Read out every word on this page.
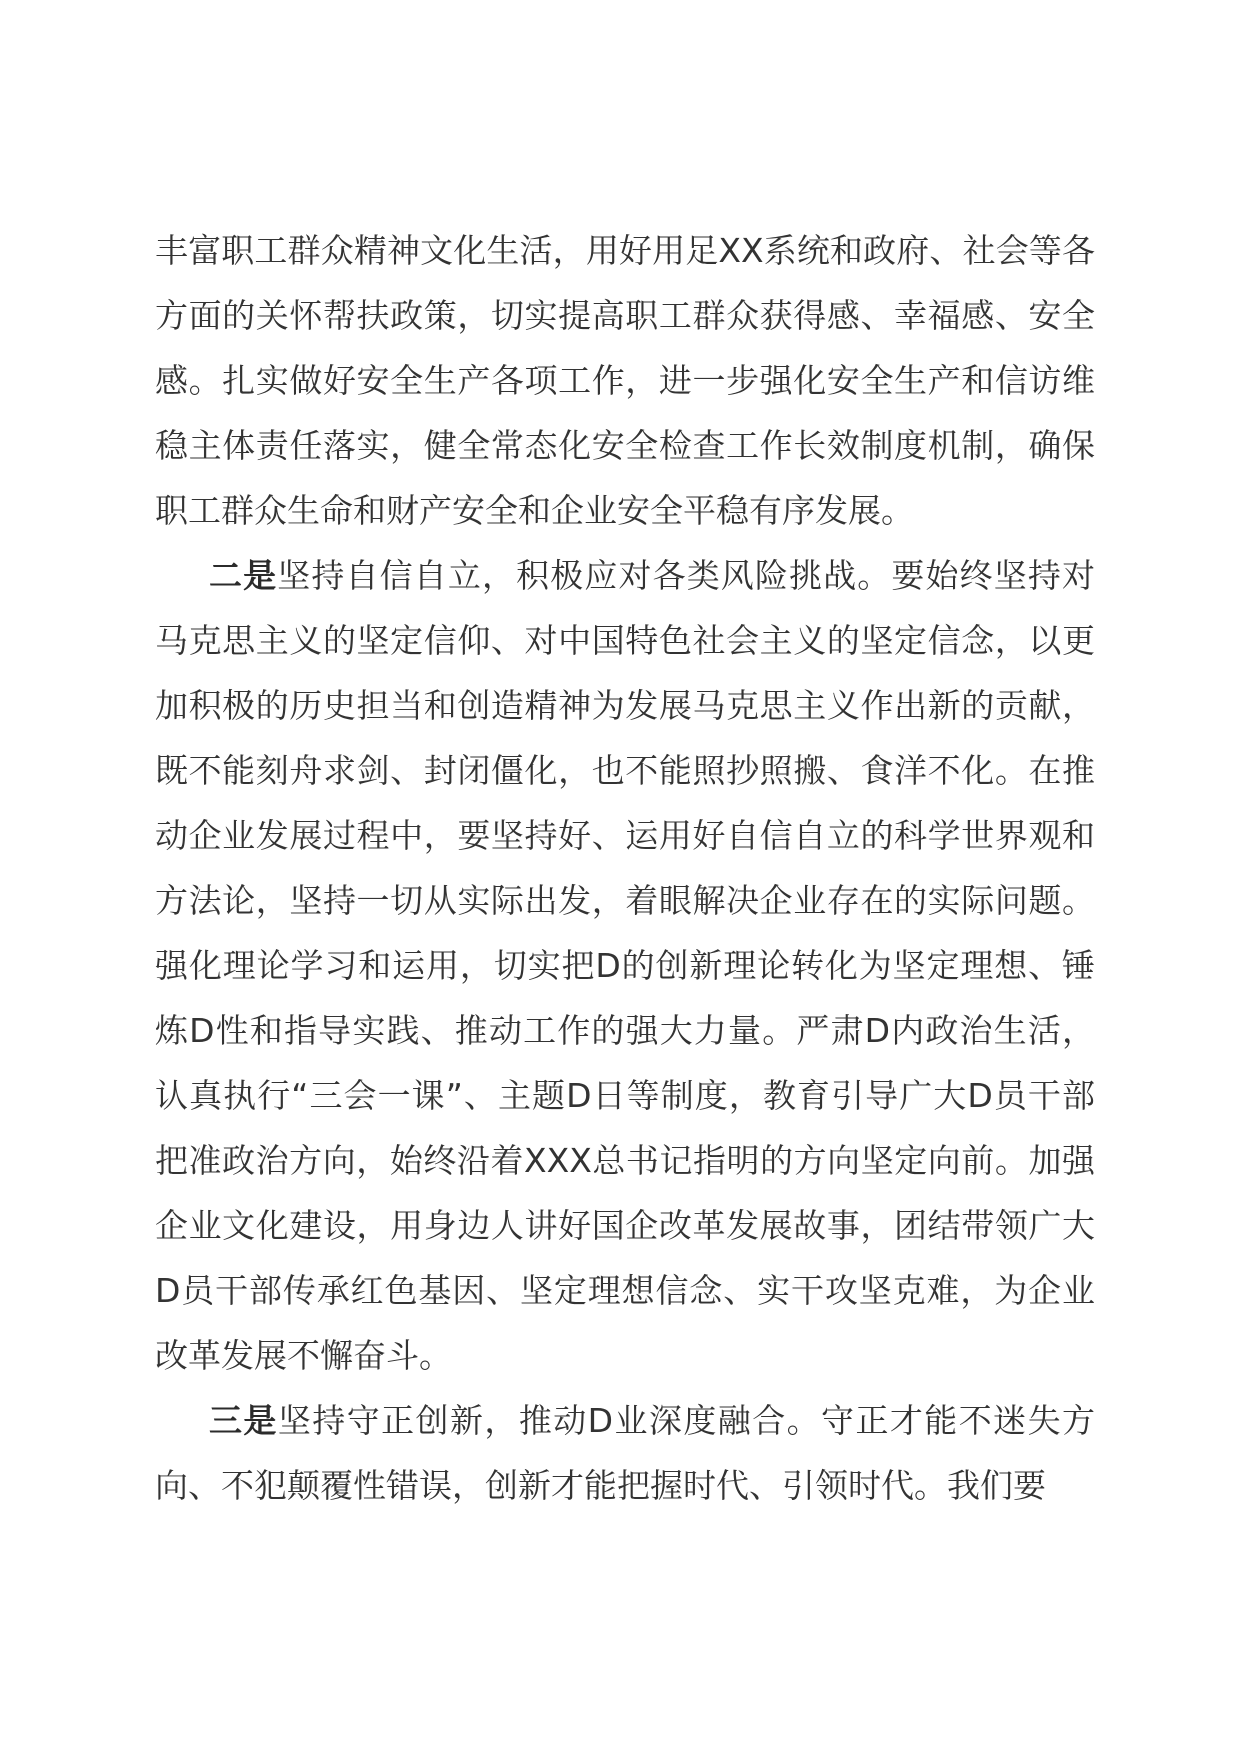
丰富职工群众精神文化生活，用好用足XX系统和政府、社会等各方面的关怀帮扶政策，切实提高职工群众获得感、幸福感、安全感。扎实做好安全生产各项工作，进一步强化安全生产和信访维稳主体责任落实，健全常态化安全检查工作长效制度机制，确保职工群众生命和财产安全和企业安全平稳有序发展。

二是坚持自信自立，积极应对各类风险挑战。要始终坚持对马克思主义的坚定信仰、对中国特色社会主义的坚定信念，以更加积极的历史担当和创造精神为发展马克思主义作出新的贡献，既不能刻舟求剑、封闭僵化，也不能照抄照搬、食洋不化。在推动企业发展过程中，要坚持好、运用好自信自立的科学世界观和方法论，坚持一切从实际出发，着眼解决企业存在的实际问题。强化理论学习和运用，切实把D的创新理论转化为坚定理想、锤炼D性和指导实践、推动工作的强大力量。严肃D内政治生活，认真执行“三会一课”、主题D日等制度，教育引导广大D员干部把准政治方向，始终沿着XXX总书记指明的方向坚定向前。加强企业文化建设，用身边人讲好国企改革发展故事，团结带领广大D员干部传承红色基因、坚定理想信念、实干攻坚克难，为企业改革发展不懈奋斗。

三是坚持守正创新，推动D业深度融合。守正才能不迷失方向、不犯颠覆性错误，创新才能把握时代、引领时代。我们要
